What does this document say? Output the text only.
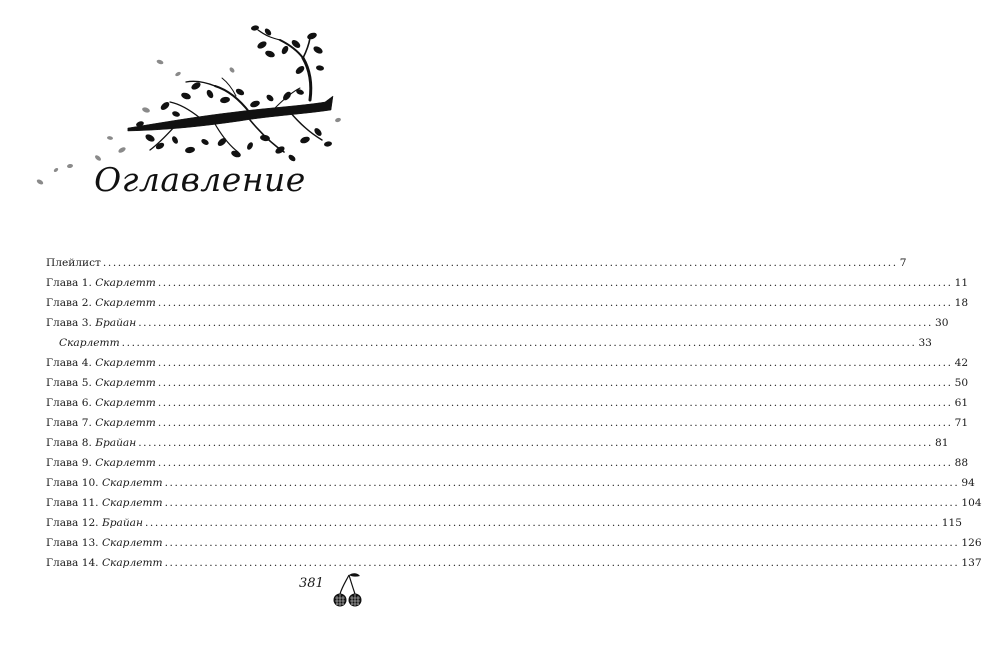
Оглавление
Плейлист ................................................................................................................................................................ 7
Глава 1. Скарлетт ................................................................................................................................................................ 11
Глава 2. Скарлетт ................................................................................................................................................................ 18
Глава 3. Брайан ................................................................................................................................................................ 30
Скарлетт ................................................................................................................................................................ 33
Глава 4. Скарлетт ................................................................................................................................................................ 42
Глава 5. Скарлетт ................................................................................................................................................................ 50
Глава 6. Скарлетт ................................................................................................................................................................ 61
Глава 7. Скарлетт ................................................................................................................................................................ 71
Глава 8. Брайан ................................................................................................................................................................ 81
Глава 9. Скарлетт ................................................................................................................................................................ 88
Глава 10. Скарлетт ................................................................................................................................................................ 94
Глава 11. Скарлетт ................................................................................................................................................................ 104
Глава 12. Брайан ................................................................................................................................................................ 115
Глава 13. Скарлетт ................................................................................................................................................................ 126
Глава 14. Скарлетт ................................................................................................................................................................ 137
381
